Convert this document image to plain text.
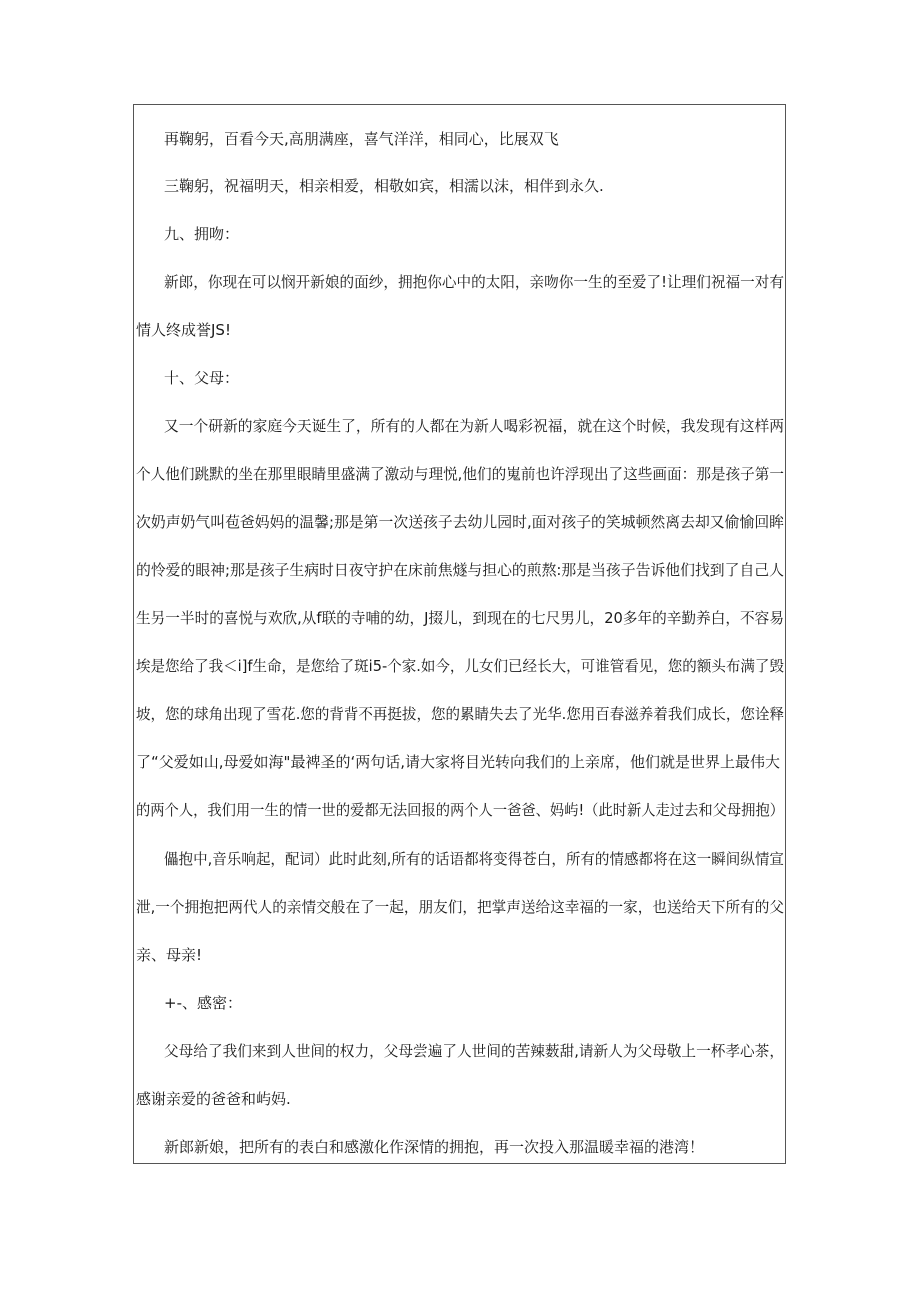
再鞠躬，百看今天,高朋满座，喜气洋洋，相同心，比展双飞
三鞠躬，祝福明天，相亲相爱，相敬如宾，相濡以沫，相伴到永久.
九、拥吻：
新郎，你现在可以悯开新娘的面纱，拥抱你心中的太阳，亲吻你一生的至爱了!让理们祝福一对有
情人终成誉JS!
十、父母：
又一个研新的家庭今天诞生了，所有的人都在为新人喝彩祝福，就在这个时候，我发现有这样两
个人他们跳默的坐在那里眼睛里盛满了激动与理悦,他们的嵬前也许浮现出了这些画面：那是孩子第一
次奶声奶气叫苞爸妈妈的温馨;那是第一次送孩子去幼儿园时,面对孩子的笑城顿然离去却又偷愉回眸
的怜爱的眼神;那是孩子生病时日夜守护在床前焦燧与担心的煎熬:那是当孩子告诉他们找到了自己人
生另一半时的喜悦与欢欣,从f联的寺哺的幼，J掇儿，到现在的七尺男儿，20多年的辛勤养白，不容易
埃是您给了我＜i]f生命，是您给了斑i5-个家.如今，儿女们已经长大，可谁管看见，您的额头布满了毁
坡，您的球角出现了雪花.您的背背不再挺拔，您的累睛失去了光华.您用百春滋养着我们成长，您诠释
了“父爱如山,母爱如海"最裨圣的‘两句话,请大家将目光转向我们的上亲席，他们就是世界上最伟大
的两个人，我们用一生的情一世的爱都无法回报的两个人一爸爸、妈屿!（此时新人走过去和父母拥抱）
儡抱中,音乐响起，配词）此时此刻,所有的话语都将变得苍白，所有的情感都将在这一瞬间纵情宣
泄,一个拥抱把两代人的亲情交般在了一起，朋友们，把掌声送给这幸福的一家，也送给天下所有的父
亲、母亲!
+-、感密：
父母给了我们来到人世间的权力，父母尝遍了人世间的苦辣薮甜,请新人为父母敬上一杯孝心茶，
感谢亲爱的爸爸和屿妈.
新郎新娘，把所有的表白和感激化作深情的拥抱，再一次投入那温暖幸福的港湾！
